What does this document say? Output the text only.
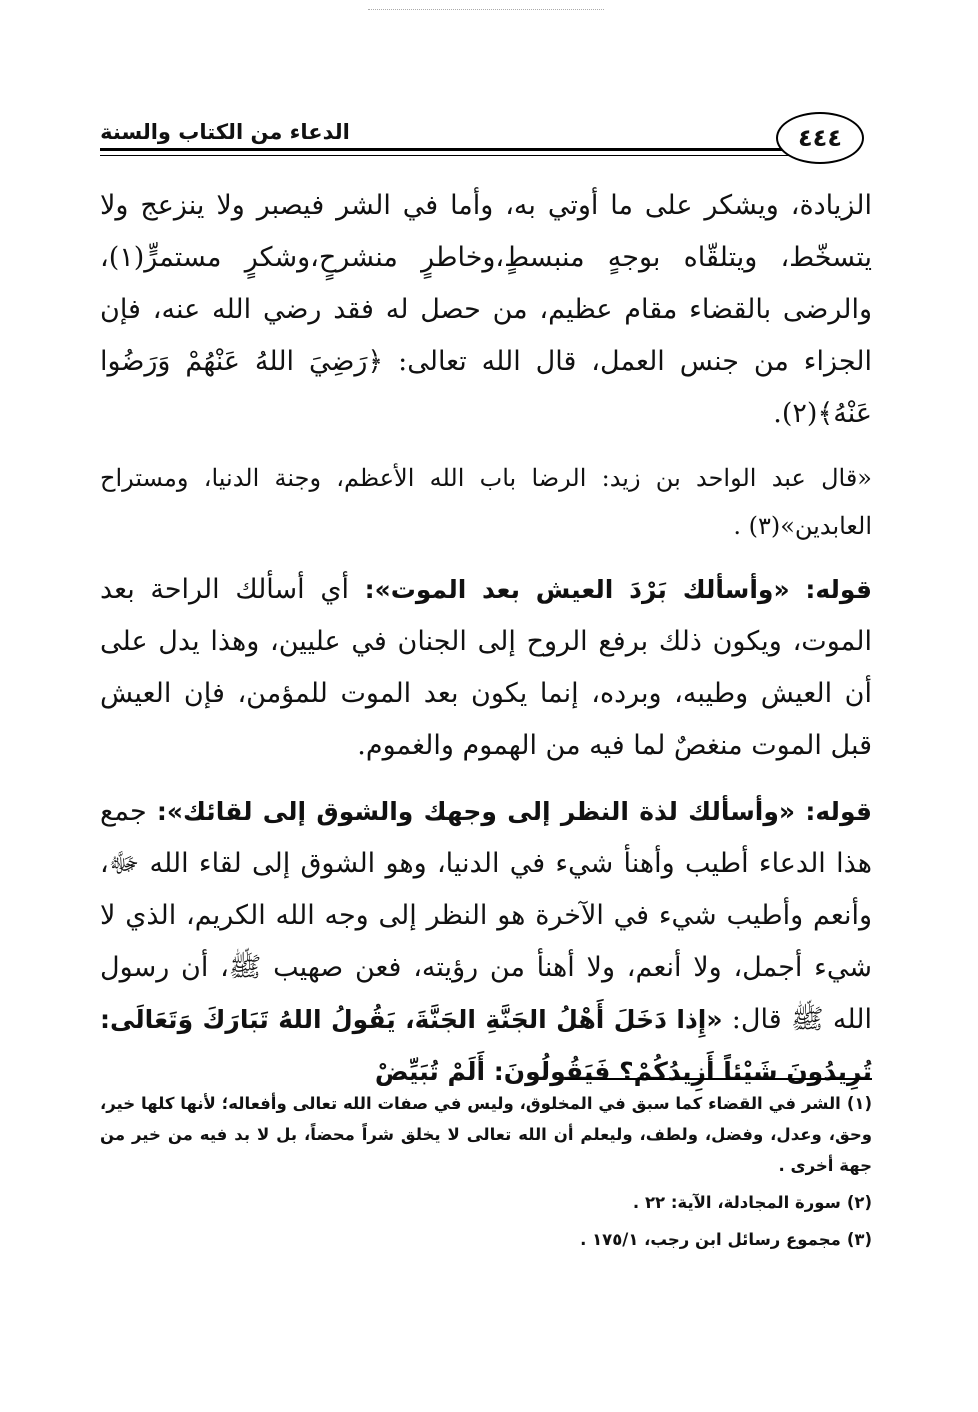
الدعاء من الكتاب والسنة	٤٤٤

الزيادة، ويشكر على ما أوتي به، وأما في الشر فيصبر ولا ينزعج ولا يتسخّط، ويتلقّاه بوجهٍ منبسطٍ،وخاطرٍ منشرحٍ،وشكرٍ مستمرٍّ(١)، والرضى بالقضاء مقام عظيم، من حصل له فقد رضي الله عنه، فإن الجزاء من جنس العمل، قال الله تعالى: ﴿رَضِيَ اللهُ عَنْهُمْ وَرَضُوا عَنْهُ﴾(٢).

«قال عبد الواحد بن زيد: الرضا باب الله الأعظم، وجنة الدنيا، ومستراح العابدين»(٣) .

قوله: «وأسألك بَرْدَ العيش بعد الموت»: أي أسألك الراحة بعد الموت، ويكون ذلك برفع الروح إلى الجنان في عليين، وهذا يدل على أن العيش وطيبه، وبرده، إنما يكون بعد الموت للمؤمن، فإن العيش قبل الموت منغصٌ لما فيه من الهموم والغموم.

قوله: «وأسألك لذة النظر إلى وجهك والشوق إلى لقائك»: جمع هذا الدعاء أطيب وأهنأ شيء في الدنيا، وهو الشوق إلى لقاء الله ﷻ، وأنعم وأطيب شيء في الآخرة هو النظر إلى وجه الله الكريم، الذي لا شيء أجمل، ولا أنعم، ولا أهنأ من رؤيته، فعن صهيب ﷺ، أن رسول الله ﷺ قال: «إِذا دَخَلَ أَهْلُ الجَنَّةِ الجَنَّةَ، يَقُولُ اللهُ تَبَارَكَ وَتَعَالَى: تُرِيدُونَ شَيْئاً أَزِيدُكُمْ؟ فَيَقُولُونَ: أَلَمْ تُبَيِّضْ

(١)الشر في القضاء كما سبق في المخلوق، وليس في صفات الله تعالى وأفعاله؛ لأنها كلها خير، وحق، وعدل، وفضل، ولطف، وليعلم أن الله تعالى لا يخلق شراً محضاً، بل لا بد فيه من خير من جهة أخرى .

(٢)سورة المجادلة، الآية: ٢٢ .

(٣)مجموع رسائل ابن رجب، ١٧٥/١ .
